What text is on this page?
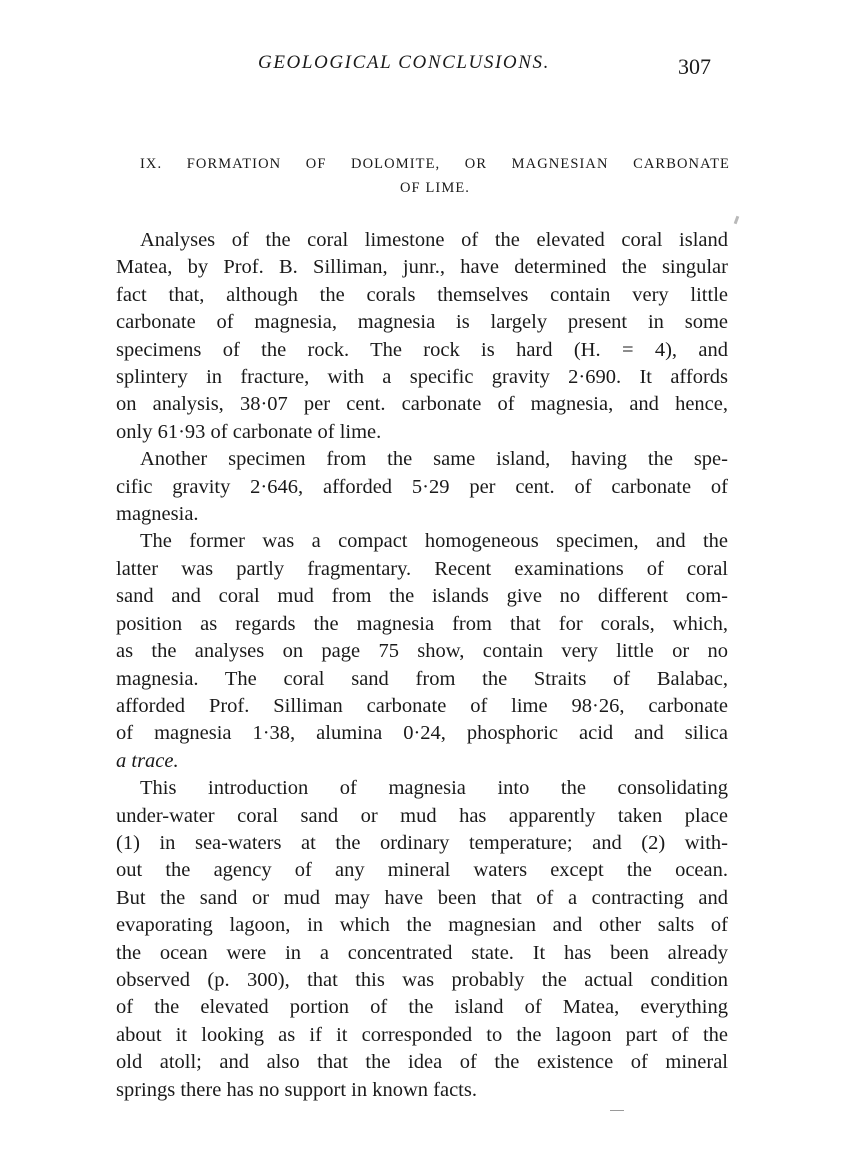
GEOLOGICAL CONCLUSIONS.	307
IX. FORMATION OF DOLOMITE, OR MAGNESIAN CARBONATE
OF LIME.
Analyses of the coral limestone of the elevated coral island
Matea, by Prof. B. Silliman, junr., have determined the singular
fact that, although the corals themselves contain very little
carbonate of magnesia, magnesia is largely present in some
specimens of the rock. The rock is hard (H. = 4), and
splintery in fracture, with a specific gravity 2·690. It affords
on analysis, 38·07 per cent. carbonate of magnesia, and hence,
only 61·93 of carbonate of lime.
Another specimen from the same island, having the spe-
cific gravity 2·646, afforded 5·29 per cent. of carbonate of
magnesia.
The former was a compact homogeneous specimen, and the
latter was partly fragmentary. Recent examinations of coral
sand and coral mud from the islands give no different com-
position as regards the magnesia from that for corals, which,
as the analyses on page 75 show, contain very little or no
magnesia. The coral sand from the Straits of Balabac,
afforded Prof. Silliman carbonate of lime 98·26, carbonate
of magnesia 1·38, alumina 0·24, phosphoric acid and silica
a trace.
This introduction of magnesia into the consolidating
under-water coral sand or mud has apparently taken place
(1) in sea-waters at the ordinary temperature; and (2) with-
out the agency of any mineral waters except the ocean.
But the sand or mud may have been that of a contracting and
evaporating lagoon, in which the magnesian and other salts of
the ocean were in a concentrated state. It has been already
observed (p. 300), that this was probably the actual condition
of the elevated portion of the island of Matea, everything
about it looking as if it corresponded to the lagoon part of the
old atoll; and also that the idea of the existence of mineral
springs there has no support in known facts.
